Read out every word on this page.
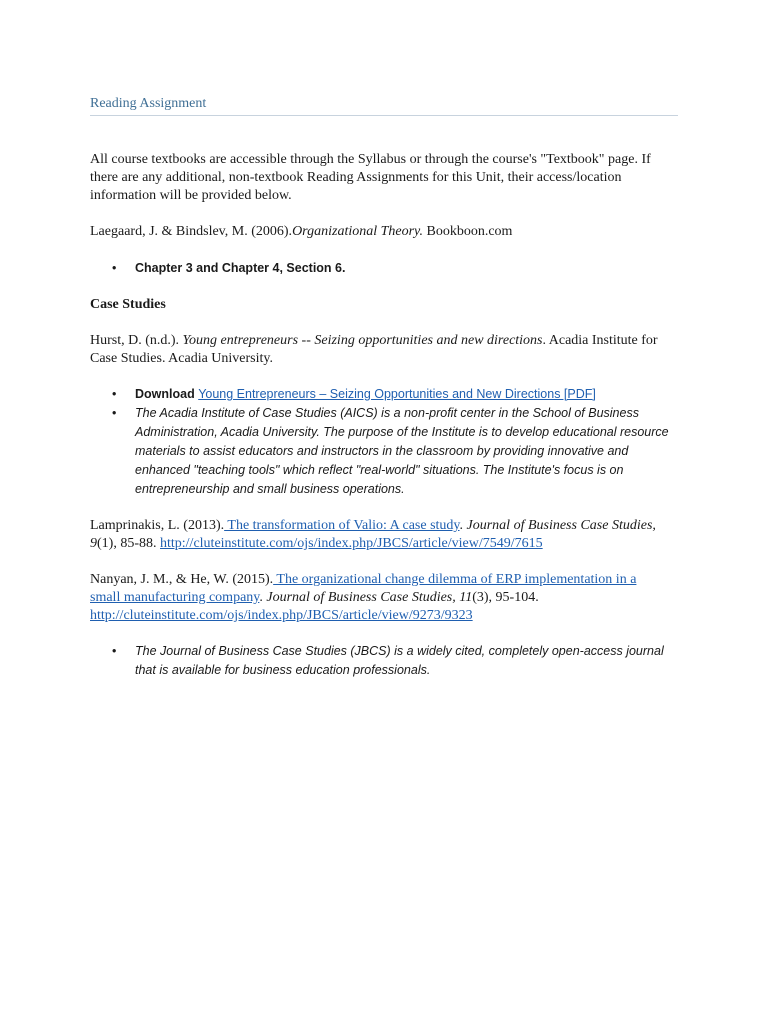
Reading Assignment

All course textbooks are accessible through the Syllabus or through the course's "Textbook" page. If there are any additional, non-textbook Reading Assignments for this Unit, their access/location information will be provided below.

Laegaard, J. & Bindslev, M. (2006).Organizational Theory. Bookboon.com

• Chapter 3 and Chapter 4, Section 6.

Case Studies

Hurst, D. (n.d.). Young entrepreneurs -- Seizing opportunities and new directions. Acadia Institute for Case Studies. Acadia University.

• Download Young Entrepreneurs – Seizing Opportunities and New Directions [PDF]
• The Acadia Institute of Case Studies (AICS) is a non-profit center in the School of Business Administration, Acadia University. The purpose of the Institute is to develop educational resource materials to assist educators and instructors in the classroom by providing innovative and enhanced "teaching tools" which reflect "real-world" situations. The Institute's focus is on entrepreneurship and small business operations.

Lamprinakis, L. (2013). The transformation of Valio: A case study. Journal of Business Case Studies, 9(1), 85-88. http://cluteinstitute.com/ojs/index.php/JBCS/article/view/7549/7615

Nanyan, J. M., & He, W. (2015). The organizational change dilemma of ERP implementation in a small manufacturing company. Journal of Business Case Studies, 11(3), 95-104.
http://cluteinstitute.com/ojs/index.php/JBCS/article/view/9273/9323

• The Journal of Business Case Studies (JBCS) is a widely cited, completely open-access journal that is available for business education professionals.
